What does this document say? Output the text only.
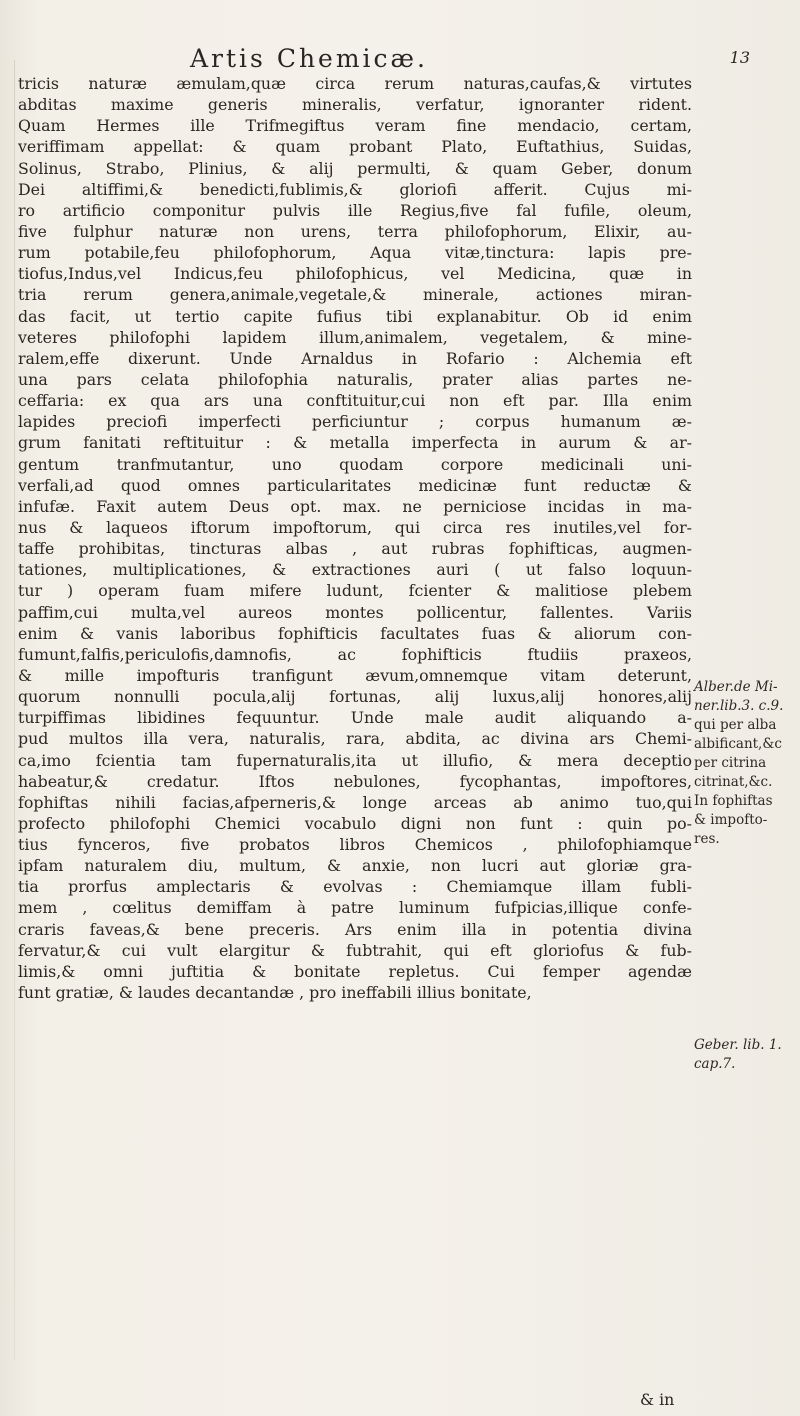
Artis Chemicæ.	13
tricis naturæ æmulam,quæ circa rerum naturas,caufas,& virtutes
abditas maxime generis mineralis, verfatur, ignoranter rident.
Quam Hermes ille Trifmegiftus veram fine mendacio, certam,
veriffimam appellat: & quam probant Plato, Euftathius, Suidas,
Solinus, Strabo, Plinius, & alij permulti, & quam Geber, donum
Dei altiffimi,& benedicti,fublimis,& gloriofi afferit. Cujus mi-
ro artificio componitur pulvis ille Regius,five fal fufile, oleum,
five fulphur naturæ non urens, terra philofophorum, Elixir, au-
rum potabile,feu philofophorum, Aqua vitæ,tinctura: lapis pre-
tiofus,Indus,vel Indicus,feu philofophicus, vel Medicina, quæ in
tria rerum genera,animale,vegetale,& minerale, actiones miran-
das facit, ut tertio capite fufius tibi explanabitur. Ob id enim
veteres philofophi lapidem illum,animalem, vegetalem, & mine-
ralem,effe dixerunt. Unde Arnaldus in Rofario : Alchemia eft
una pars celata philofophia naturalis, prater alias partes ne-
ceffaria: ex qua ars una conftituitur,cui non eft par. Illa enim
lapides preciofi imperfecti perficiuntur ; corpus humanum æ-
grum fanitati reftituitur : & metalla imperfecta in aurum & ar-
gentum tranfmutantur, uno quodam corpore medicinali uni-
verfali,ad quod omnes particularitates medicinæ funt reductæ &
infufæ. Faxit autem Deus opt. max. ne perniciose incidas in ma-
nus & laqueos iftorum impoftorum, qui circa res inutiles,vel for-
taffe prohibitas, tincturas albas , aut rubras fophifticas, augmen-
tationes, multiplicationes, & extractiones auri ( ut falso loquun-
tur ) operam fuam mifere ludunt, fcienter & malitiose plebem
paffim,cui multa,vel aureos montes pollicentur, fallentes. Variis
enim & vanis laboribus fophifticis facultates fuas & aliorum con-
fumunt,falfis,periculofis,damnofis, ac fophifticis ftudiis praxeos,
& mille impofturis tranfigunt ævum,omnemque vitam deterunt,
quorum nonnulli pocula,alij fortunas, alij luxus,alij honores,alij
turpiffimas libidines fequuntur. Unde male audit aliquando a-
pud multos illa vera, naturalis, rara, abdita, ac divina ars Chemi-
ca,imo fcientia tam fupernaturalis,ita ut illufio, & mera deceptio
habeatur,& credatur. Iftos nebulones, fycophantas, impoftores,
fophiftas nihili facias,afperneris,& longe arceas ab animo tuo,qui
profecto philofophi Chemici vocabulo digni non funt : quin po-
tius fynceros, five probatos libros Chemicos , philofophiamque
ipfam naturalem diu, multum, & anxie, non lucri aut gloriæ gra-
tia prorfus amplectaris & evolvas : Chemiamque illam fubli-
mem , cœlitus demiffam à patre luminum fufpicias,illique confe-
craris faveas,& bene preceris. Ars enim illa in potentia divina
fervatur,& cui vult elargitur & fubtrahit, qui eft gloriofus & fub-
limis,& omni juftitia & bonitate repletus. Cui femper agendæ
funt gratiæ, & laudes decantandæ , pro ineffabili illius bonitate,
Alber.de Mi-
ner.lib.3. c.9.
qui per alba
albificant,&c
per citrina
citrinat,&c.
In fophiftas
& impofto-
res.
Geber. lib. 1.
cap.7.
& in
